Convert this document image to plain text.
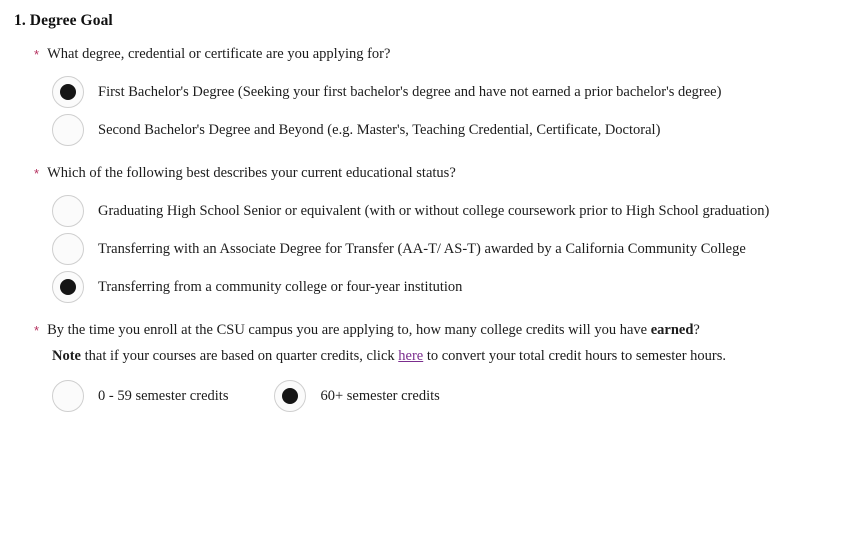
1. Degree Goal
* What degree, credential or certificate are you applying for?
First Bachelor's Degree (Seeking your first bachelor's degree and have not earned a prior bachelor's degree)
Second Bachelor's Degree and Beyond (e.g. Master's, Teaching Credential, Certificate, Doctoral)
* Which of the following best describes your current educational status?
Graduating High School Senior or equivalent (with or without college coursework prior to High School graduation)
Transferring with an Associate Degree for Transfer (AA-T/ AS-T) awarded by a California Community College
Transferring from a community college or four-year institution
* By the time you enroll at the CSU campus you are applying to, how many college credits will you have earned?
Note that if your courses are based on quarter credits, click here to convert your total credit hours to semester hours.
0 - 59 semester credits	60+ semester credits
